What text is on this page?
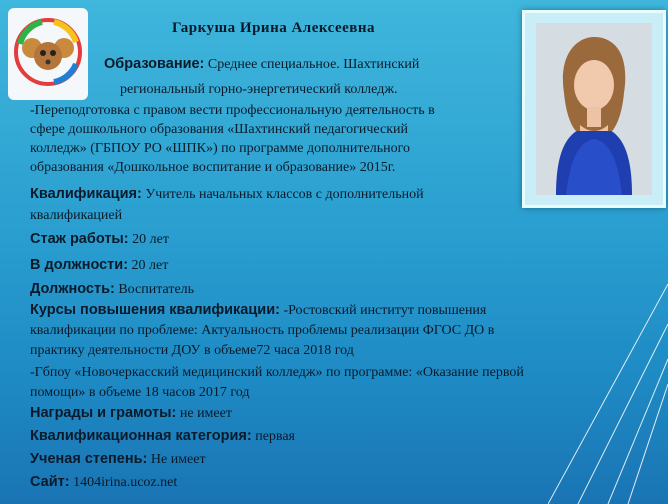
Гаркуша Ирина Алексеевна
Образование: Среднее специальное. Шахтинский
региональный горно-энергетический колледж.
-Переподготовка с правом вести профессиональную деятельность в
сфере дошкольного образования «Шахтинский педагогический
колледж» (ГБПОУ РО «ШПК») по программе дополнительного
образования «Дошкольное воспитание и образование» 2015г.
Квалификация: Учитель начальных классов с дополнительной
квалификацией
Стаж работы: 20 лет
В должности: 20 лет
Должность: Воспитатель
Курсы повышения квалификации: -Ростовский институт повышения
квалификации по проблеме: Актуальность проблемы реализации ФГОС ДО в
практику деятельности ДОУ в объеме72 часа 2018 год
-Гбпоу «Новочеркасский медицинский колледж» по программе: «Оказание первой
помощи» в объеме 18 часов 2017 год
Награды и грамоты: не имеет
Квалификационная категория: первая
Ученая степень: Не имеет
Сайт: 1404irina.ucoz.net
